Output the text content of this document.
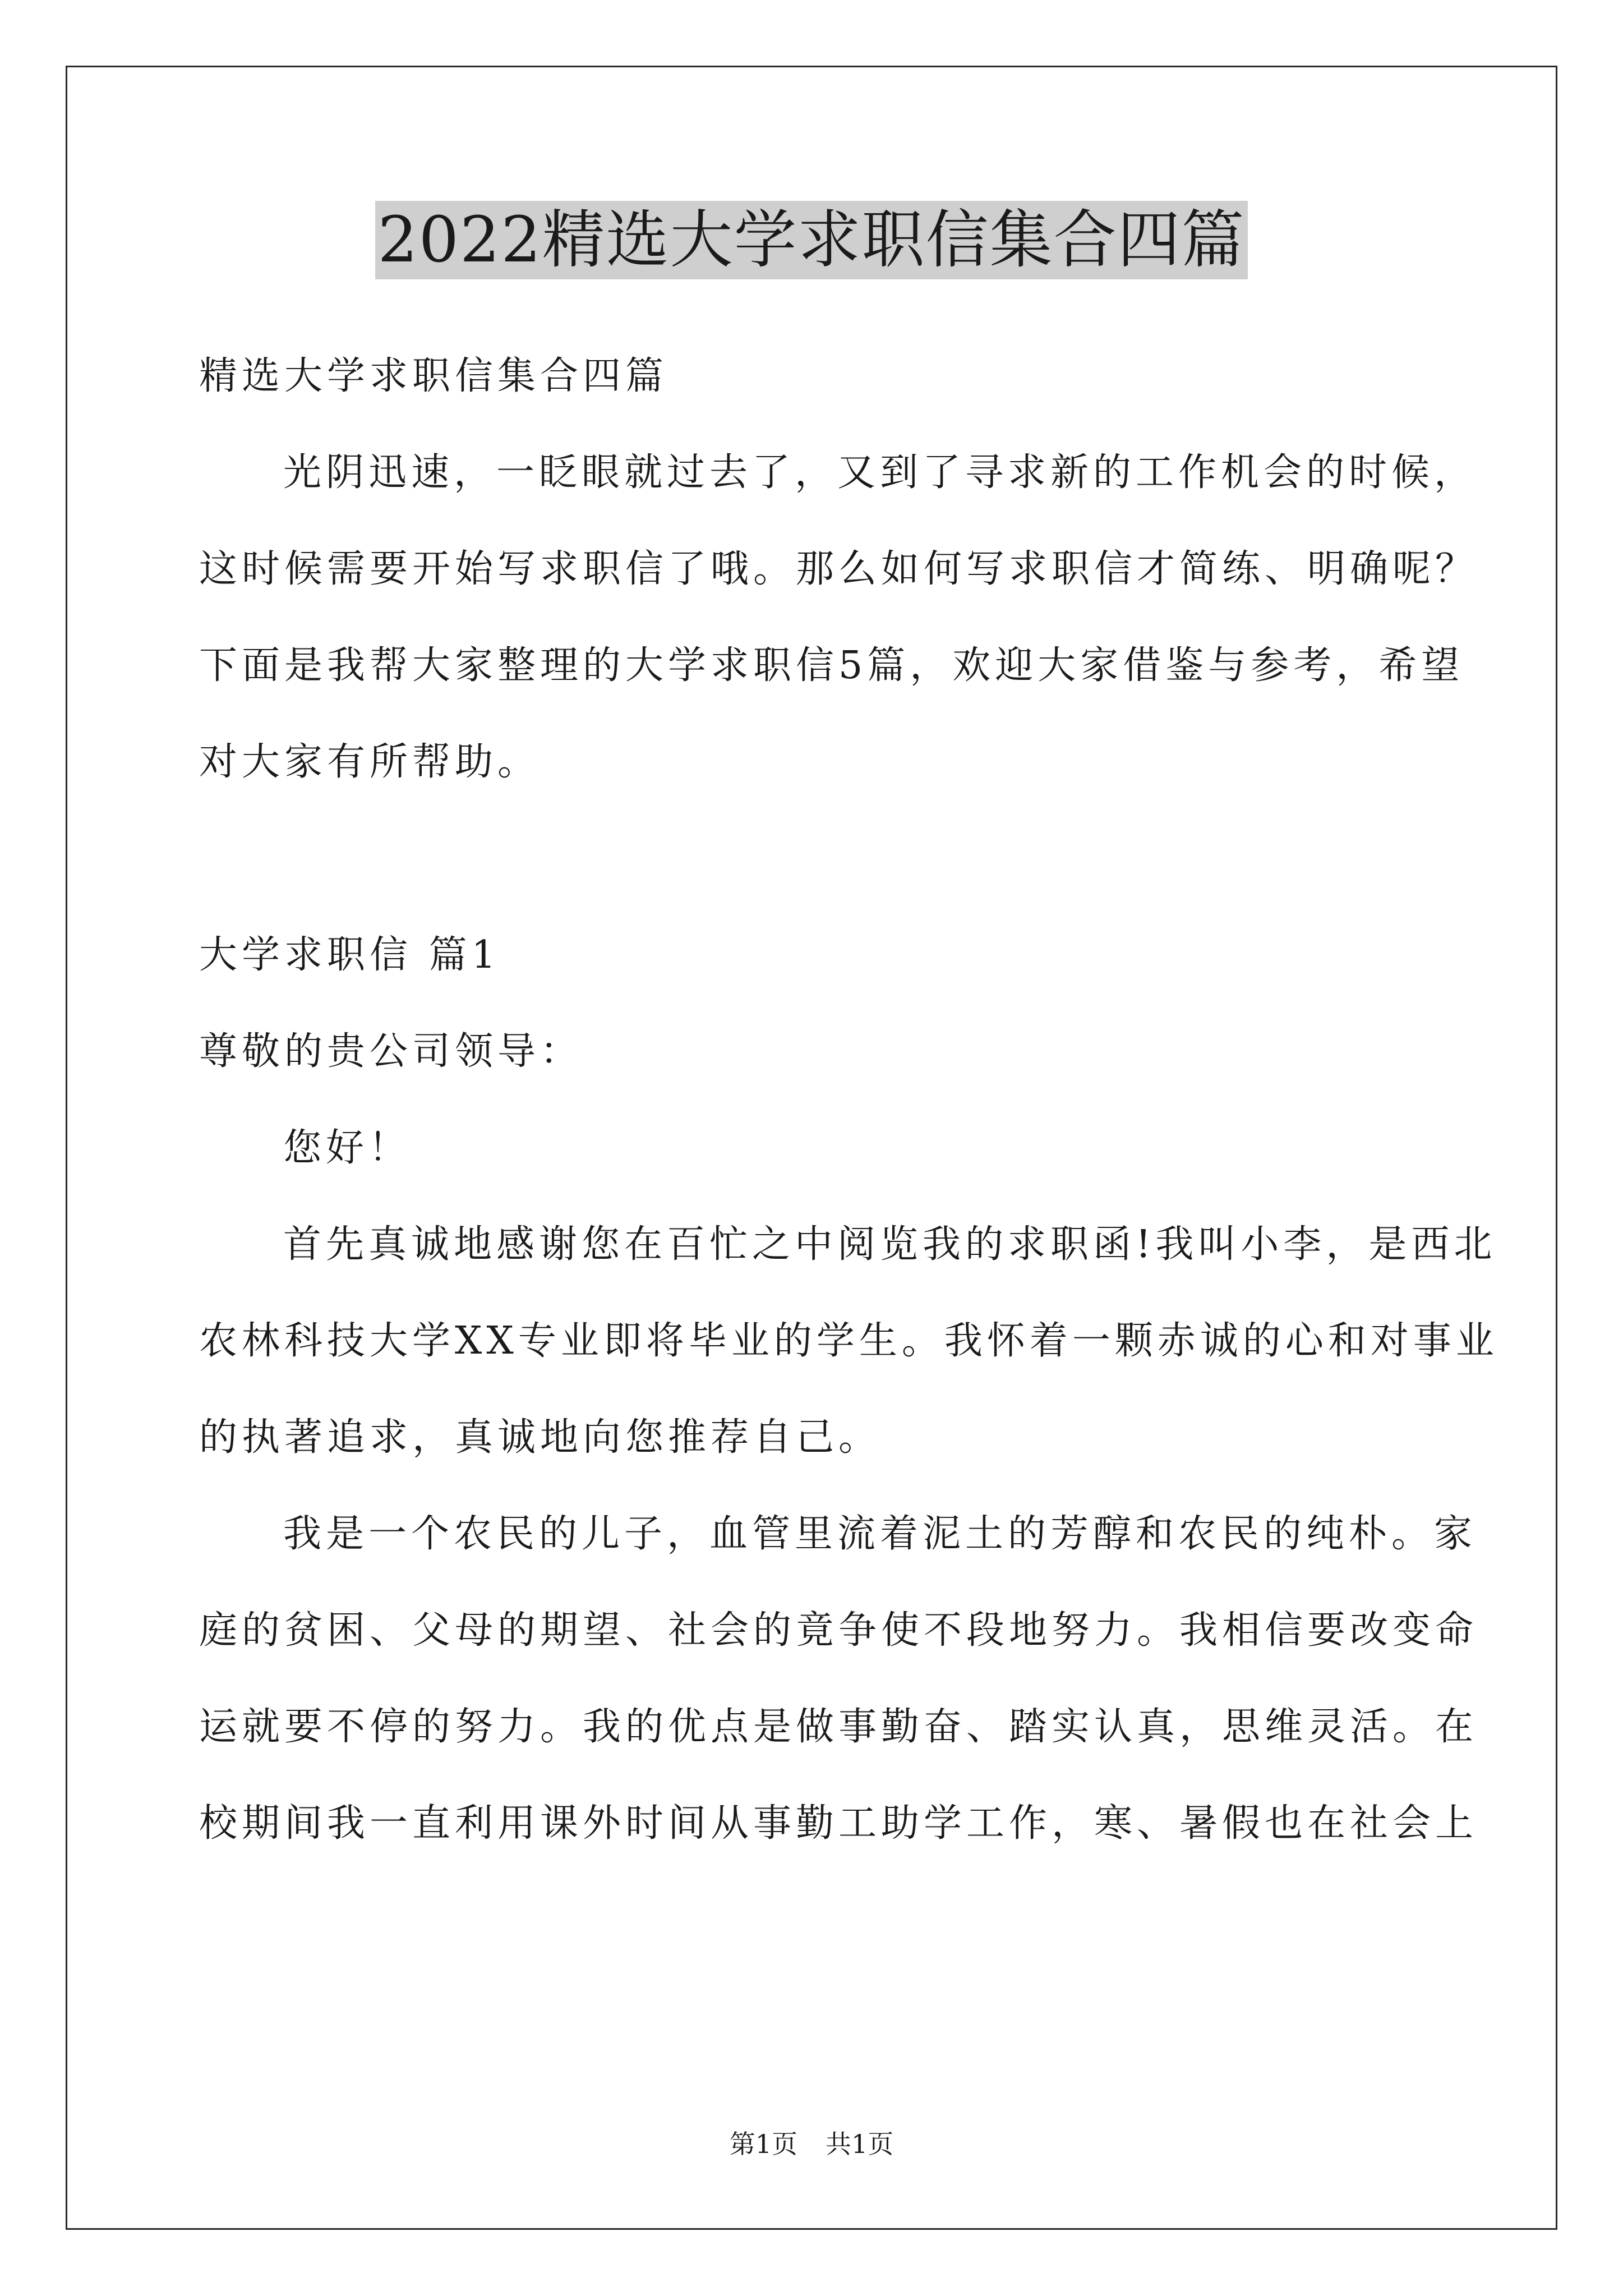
2022精选大学求职信集合四篇
精选大学求职信集合四篇
光阴迅速，一眨眼就过去了，又到了寻求新的工作机会的时候，
这时候需要开始写求职信了哦。那么如何写求职信才简练、明确呢？
下面是我帮大家整理的大学求职信5篇，欢迎大家借鉴与参考，希望
对大家有所帮助。
大学求职信 篇1
尊敬的贵公司领导：
您好！
首先真诚地感谢您在百忙之中阅览我的求职函!我叫小李，是西北
农林科技大学XX专业即将毕业的学生。我怀着一颗赤诚的心和对事业
的执著追求，真诚地向您推荐自己。
我是一个农民的儿子，血管里流着泥土的芳醇和农民的纯朴。家
庭的贫困、父母的期望、社会的竟争使不段地努力。我相信要改变命
运就要不停的努力。我的优点是做事勤奋、踏实认真，思维灵活。在
校期间我一直利用课外时间从事勤工助学工作，寒、暑假也在社会上
第1页 共1页
